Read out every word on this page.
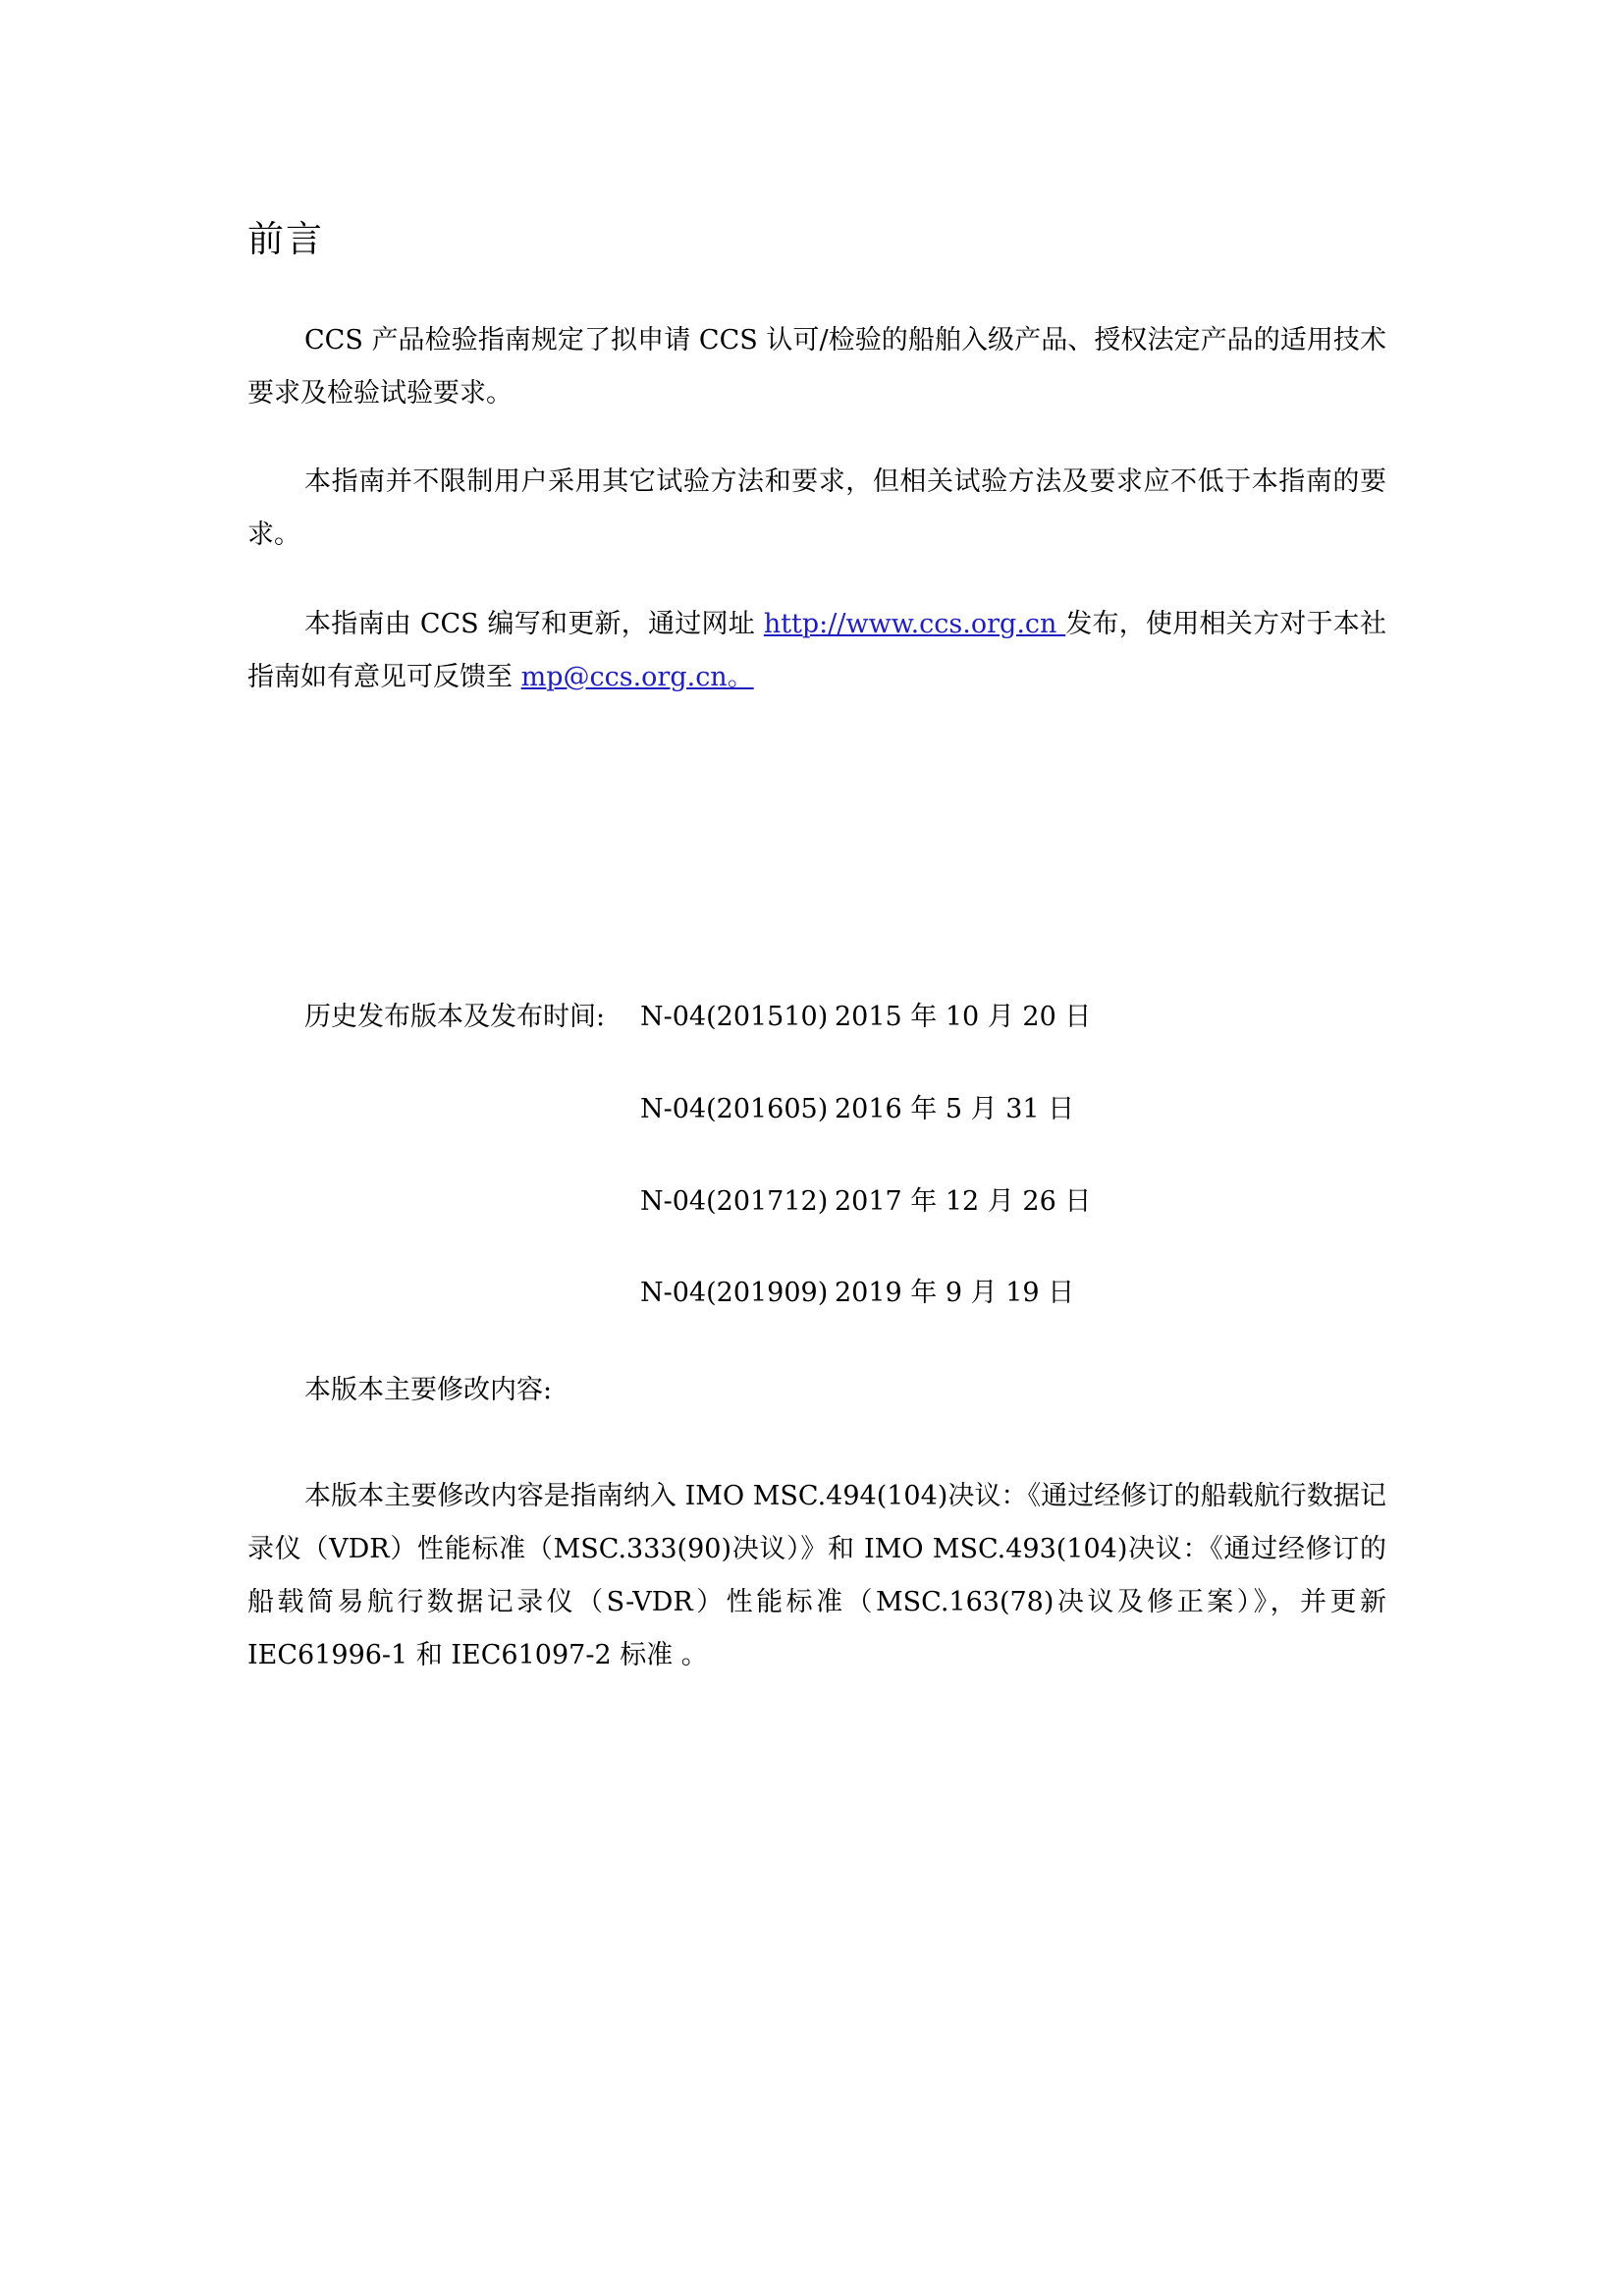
前言

CCS 产品检验指南规定了拟申请 CCS 认可/检验的船舶入级产品、授权法定产品的适用技术要求及检验试验要求。

本指南并不限制用户采用其它试验方法和要求，但相关试验方法及要求应不低于本指南的要求。

本指南由 CCS 编写和更新，通过网址 http://www.ccs.org.cn 发布，使用相关方对于本社指南如有意见可反馈至 mp@ccs.org.cn。

历史发布版本及发布时间: N-04(201510) 2015 年 10 月 20 日
N-04(201605) 2016 年 5 月 31 日
N-04(201712) 2017 年 12 月 26 日
N-04(201909) 2019 年 9 月 19 日
本版本主要修改内容:

本版本主要修改内容是指南纳入 IMO MSC.494(104)决议：《通过经修订的船载航行数据记录仪（VDR）性能标准（MSC.333(90)决议）》和 IMO MSC.493(104)决议：《通过经修订的船载简易航行数据记录仪（S-VDR）性能标准（MSC.163(78)决议及修正案）》，并更新 IEC61996-1 和 IEC61097-2 标准 。
